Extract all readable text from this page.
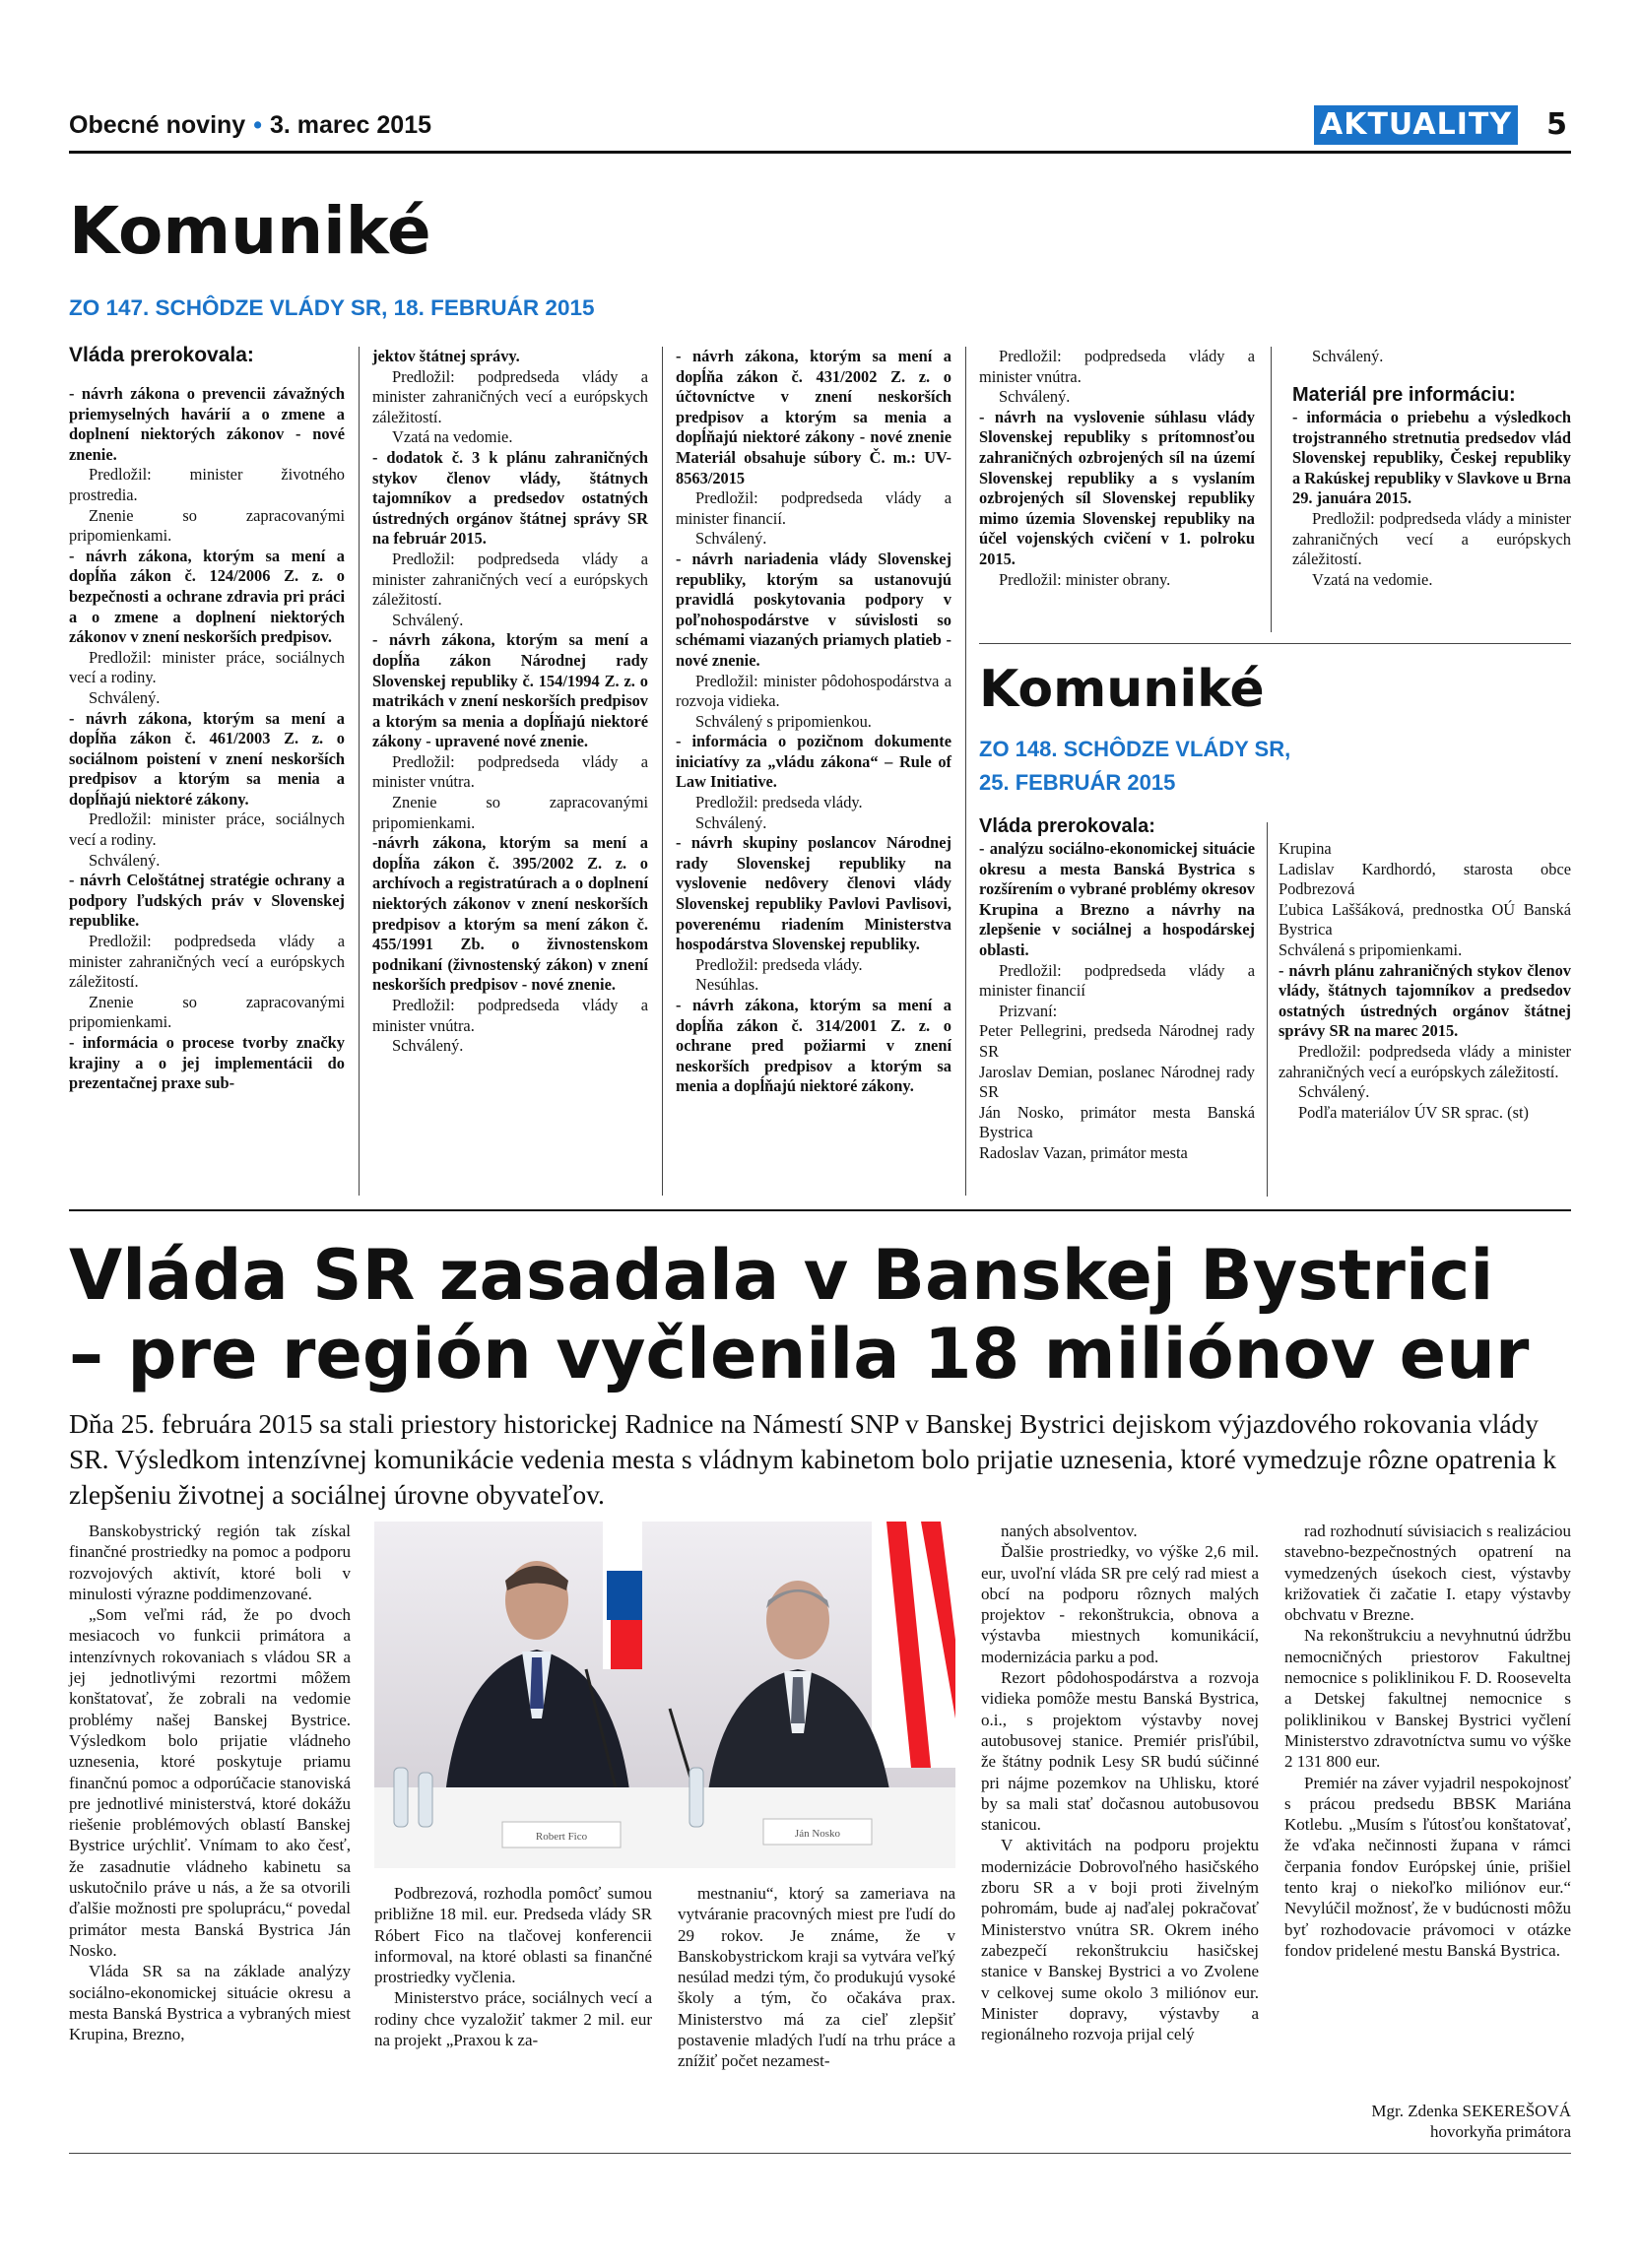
Obecné noviny • 3. marec 2015	AKTUALITY 5
Komuniké
ZO 147. SCHÔDZE VLÁDY SR, 18. FEBRUÁR 2015
Vláda prerokovala:

- návrh zákona o prevencii závažných priemyselných havárií a o zmene a doplnení niektorých zákonov - nové znenie.

Predložil: minister životného prostredia.

Znenie so zapracovanými pripomienkami.

- návrh zákona, ktorým sa mení a dopĺňa zákon č. 124/2006 Z. z. o bezpečnosti a ochrane zdravia pri práci a o zmene a doplnení niektorých zákonov v znení neskorších predpisov.

Predložil: minister práce, sociálnych vecí a rodiny.

Schválený.

- návrh zákona, ktorým sa mení a dopĺňa zákon č. 461/2003 Z. z. o sociálnom poistení v znení neskorších predpisov a ktorým sa menia a dopĺňajú niektoré zákony.

Predložil: minister práce, sociálnych vecí a rodiny.

Schválený.

- návrh Celoštátnej stratégie ochrany a podpory ľudských práv v Slovenskej republike.

Predložil: podpredseda vlády a minister zahraničných vecí a európskych záležitostí.

Znenie so zapracovanými pripomienkami.

- informácia o procese tvorby značky krajiny a o jej implementácii do prezentačnej praxe sub-

jektov štátnej správy.

Predložil: podpredseda vlády a minister zahraničných vecí a európskych záležitostí.

Vzatá na vedomie.

- dodatok č. 3 k plánu zahraničných stykov členov vlády, štátnych tajomníkov a predsedov ostatných ústredných orgánov štátnej správy SR na február 2015.

Predložil: podpredseda vlády a minister zahraničných vecí a európskych záležitostí.

Schválený.

- návrh zákona, ktorým sa mení a dopĺňa zákon Národnej rady Slovenskej republiky č. 154/1994 Z. z. o matrikách v znení neskorších predpisov a ktorým sa menia a dopĺňajú niektoré zákony - upravené nové znenie.

Predložil: podpredseda vlády a minister vnútra.

Znenie so zapracovanými pripomienkami.

-návrh zákona, ktorým sa mení a dopĺňa zákon č. 395/2002 Z. z. o archívoch a registratúrach a o doplnení niektorých zákonov v znení neskorších predpisov a ktorým sa mení zákon č. 455/1991 Zb. o živnostenskom podnikaní (živnostenský zákon) v znení neskorších predpisov - nové znenie.

Predložil: podpredseda vlády a minister vnútra.

Schválený.

- návrh zákona, ktorým sa mení a dopĺňa zákon č. 431/2002 Z. z. o účtovníctve v znení neskorších predpisov a ktorým sa menia a dopĺňajú niektoré zákony - nové znenie Materiál obsahuje súbory Č. m.: UV-8563/2015

Predložil: podpredseda vlády a minister financií.

Schválený.

- návrh nariadenia vlády Slovenskej republiky, ktorým sa ustanovujú pravidlá poskytovania podpory v poľnohospodárstve v súvislosti so schémami viazaných priamych platieb - nové znenie.

Predložil: minister pôdohospodárstva a rozvoja vidieka.

Schválený s pripomienkou.

- informácia o pozičnom dokumente iniciatívy za „vládu zákona“ – Rule of Law Initiative.

Predložil: predseda vlády.

Schválený.

- návrh skupiny poslancov Národnej rady Slovenskej republiky na vyslovenie nedôvery členovi vlády Slovenskej republiky Pavlovi Pavlisovi, poverenému riadením Ministerstva hospodárstva Slovenskej republiky.

Predložil: predseda vlády.

Nesúhlas.

- návrh zákona, ktorým sa mení a dopĺňa zákon č. 314/2001 Z. z. o ochrane pred požiarmi v znení neskorších predpisov a ktorým sa menia a dopĺňajú niektoré zákony.

Predložil: podpredseda vlády a minister vnútra.

Schválený.

- návrh na vyslovenie súhlasu vlády Slovenskej republiky s prítomnosťou zahraničných ozbrojených síl na území Slovenskej republiky a s vyslaním ozbrojených síl Slovenskej republiky mimo územia Slovenskej republiky na účel vojenských cvičení v 1. polroku 2015.

Predložil: minister obrany.

Schválený.

Materiál pre informáciu:

- informácia o priebehu a výsledkoch trojstranného stretnutia predsedov vlád Slovenskej republiky, Českej republiky a Rakúskej republiky v Slavkove u Brna 29. januára 2015.

Predložil: podpredseda vlády a minister zahraničných vecí a európskych záležitostí.

Vzatá na vedomie.

Komuniké
ZO 148. SCHÔDZE VLÁDY SR,
25. FEBRUÁR 2015
Vláda prerokovala:

- analýzu sociálno-ekonomickej situácie okresu a mesta Banská Bystrica s rozšírením o vybrané problémy okresov Krupina a Brezno a návrhy na zlepšenie v sociálnej a hospodárskej oblasti.

Predložil: podpredseda vlády a minister financií

Prizvaní:

Peter Pellegrini, predseda Národnej rady SR

Jaroslav Demian, poslanec Národnej rady SR

Ján Nosko, primátor mesta Banská Bystrica

Radoslav Vazan, primátor mesta

Krupina

Ladislav Kardhordó, starosta obce Podbrezová

Ľubica Laššáková, prednostka OÚ Banská Bystrica

Schválená s pripomienkami.

- návrh plánu zahraničných stykov členov vlády, štátnych tajomníkov a predsedov ostatných ústredných orgánov štátnej správy SR na marec 2015.

Predložil: podpredseda vlády a minister zahraničných vecí a európskych záležitostí.

Schválený.

Podľa materiálov ÚV SR sprac. (st)

Vláda SR zasadala v Banskej Bystrici
– pre región vyčlenila 18 miliónov eur
Dňa 25. februára 2015 sa stali priestory historickej Radnice na Námestí SNP v Banskej Bystrici dejiskom výjazdového rokovania vlády SR. Výsledkom intenzívnej komunikácie vedenia mesta s vládnym kabinetom bolo prijatie uznesenia, ktoré vymedzuje rôzne opatrenia k zlepšeniu životnej a sociálnej úrovne obyvateľov.

Banskobystrický región tak získal finančné prostriedky na pomoc a podporu rozvojových aktivít, ktoré boli v minulosti výrazne poddimenzované.

„Som veľmi rád, že po dvoch mesiacoch vo funkcii primátora a intenzívnych rokovaniach s vládou SR a jej jednotlivými rezortmi môžem konštatovať, že zobrali na vedomie problémy našej Banskej Bystrice. Výsledkom bolo prijatie vládneho uznesenia, ktoré poskytuje priamu finančnú pomoc a odporúčacie stanoviská pre jednotlivé ministerstvá, ktoré dokážu riešenie problémových oblastí Banskej Bystrice urýchliť. Vnímam to ako česť, že zasadnutie vládneho kabinetu sa uskutočnilo práve u nás, a že sa otvorili ďalšie možnosti pre spoluprácu,“ povedal primátor mesta Banská Bystrica Ján Nosko.

Vláda SR sa na základe analýzy sociálno-ekonomickej situácie okresu a mesta Banská Bystrica a vybraných miest Krupina, Brezno,

Robert Fico	Ján Nosko

Podbrezová, rozhodla pomôcť sumou približne 18 mil. eur. Predseda vlády SR Róbert Fico na tlačovej konferencii informoval, na ktoré oblasti sa finančné prostriedky vyčlenia.

Ministerstvo práce, sociálnych vecí a rodiny chce vyzaložiť takmer 2 mil. eur na projekt „Praxou k za-

mestnaniu“, ktorý sa zameriava na vytváranie pracovných miest pre ľudí do 29 rokov. Je známe, že v Banskobystrickom kraji sa vytvára veľký nesúlad medzi tým, čo produkujú vysoké školy a tým, čo očakáva prax. Ministerstvo má za cieľ zlepšiť postavenie mladých ľudí na trhu práce a znížiť počet nezamest-

naných absolventov.

Ďalšie prostriedky, vo výške 2,6 mil. eur, uvoľní vláda SR pre celý rad miest a obcí na podporu rôznych malých projektov - rekonštrukcia, obnova a výstavba miestnych komunikácií, modernizácia parku a pod.

Rezort pôdohospodárstva a rozvoja vidieka pomôže mestu Banská Bystrica, o.i., s projektom výstavby novej autobusovej stanice. Premiér prisľúbil, že štátny podnik Lesy SR budú súčinné pri nájme pozemkov na Uhlisku, ktoré by sa mali stať dočasnou autobusovou stanicou.

V aktivitách na podporu projektu modernizácie Dobrovoľného hasičského zboru SR a v boji proti živelným pohromám, bude aj naďalej pokračovať Ministerstvo vnútra SR. Okrem iného zabezpečí rekonštrukciu hasičskej stanice v Banskej Bystrici a vo Zvolene v celkovej sume okolo 3 miliónov eur. Minister dopravy, výstavby a regionálneho rozvoja prijal celý

rad rozhodnutí súvisiacich s realizáciou stavebno-bezpečnostných opatrení na vymedzených úsekoch ciest, výstavby križovatiek či začatie I. etapy výstavby obchvatu v Brezne.

Na rekonštrukciu a nevyhnutnú údržbu nemocničných priestorov Fakultnej nemocnice s poliklinikou F. D. Roosevelta a Detskej fakultnej nemocnice s poliklinikou v Banskej Bystrici vyčlení Ministerstvo zdravotníctva sumu vo výške 2 131 800 eur.

Premiér na záver vyjadril nespokojnosť s prácou predsedu BBSK Mariána Kotlebu. „Musím s ľútosťou konštatovať, že vďaka nečinnosti župana v rámci čerpania fondov Európskej únie, prišiel tento kraj o niekoľko miliónov eur.“ Nevylúčil možnosť, že v budúcnosti môžu byť rozhodovacie právomoci v otázke fondov pridelené mestu Banská Bystrica.

Mgr. Zdenka SEKEREŠOVÁ

hovorkyňa primátora
